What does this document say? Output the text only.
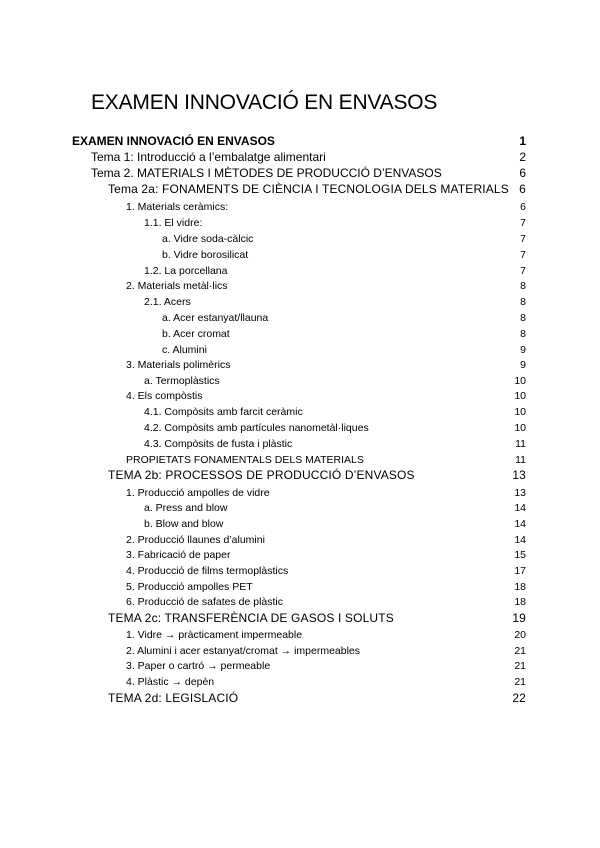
EXAMEN INNOVACIÓ EN ENVASOS
EXAMEN INNOVACIÓ EN ENVASOS	1
Tema 1: Introducció a l’embalatge alimentari	2
Tema 2. MATERIALS I MÈTODES DE PRODUCCIÓ D’ENVASOS	6
Tema 2a: FONAMENTS DE CIÈNCIA I TECNOLOGIA DELS MATERIALS 6
1. Materials ceràmics:	6
1.1. El vidre:	7
a. Vidre soda-càlcic	7
b. Vidre borosilicat	7
1.2. La porcellana	7
2. Materials metàl·lics	8
2.1. Acers	8
a. Acer estanyat/llauna	8
b. Acer cromat	8
c. Alumini	9
3. Materials polimèrics	9
a. Termoplàstics	10
4. Els compòstis	10
4.1. Compòsits amb farcit ceràmic	10
4.2. Compòsits amb partícules nanometàl·liques	10
4.3. Compòsits de fusta i plàstic	11
PROPIETATS FONAMENTALS DELS MATERIALS	11
TEMA 2b: PROCESSOS DE PRODUCCIÓ D’ENVASOS	13
1. Producció ampolles de vidre	13
a. Press and blow	14
b. Blow and blow	14
2. Producció llaunes d’alumini	14
3. Fabricació de paper	15
4. Producció de films termoplàstics	17
5. Producció ampolles PET	18
6. Producció de safates de plàstic	18
TEMA 2c: TRANSFERÈNCIA DE GASOS I SOLUTS	19
1. Vidre → pràcticament impermeable	20
2. Alumini i acer estanyat/cromat → impermeables	21
3. Paper o cartró → permeable	21
4. Plàstic → depèn	21
TEMA 2d: LEGISLACIÓ	22
